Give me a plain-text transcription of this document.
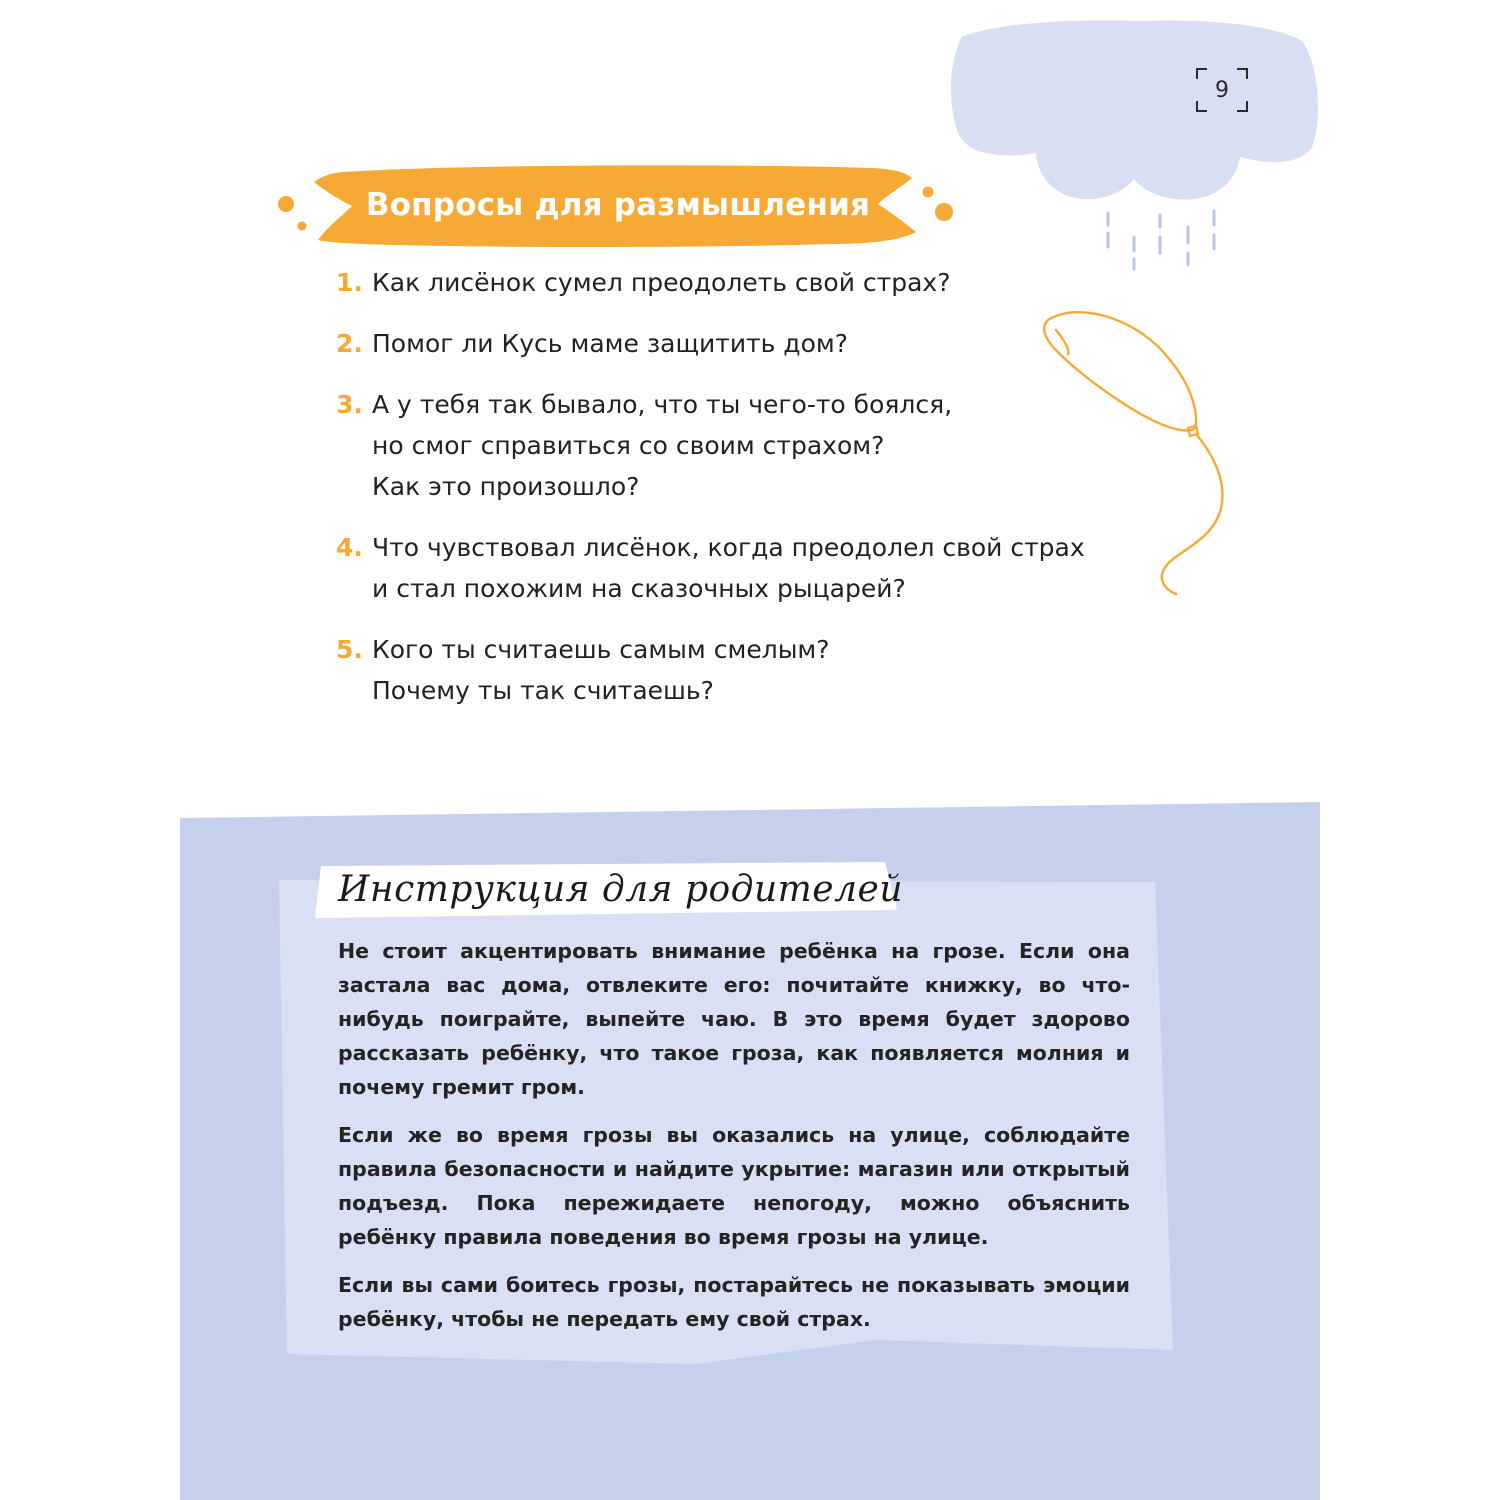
9
Вопросы для размышления
1. Как лисёнок сумел преодолеть свой страх?
2. Помог ли Кусь маме защитить дом?
3. А у тебя так бывало, что ты чего-то боялся,
но смог справиться со своим страхом?
Как это произошло?
4. Что чувствовал лисёнок, когда преодолел свой страх
и стал похожим на сказочных рыцарей?
5. Кого ты считаешь самым смелым?
Почему ты так считаешь?
Инструкция для родителей

Не стоит акцентировать внимание ребёнка на грозе. Если она застала вас дома, отвлеките его: почитайте книжку, во что-нибудь поиграйте, выпейте чаю. В это время будет здорово рассказать ребёнку, что такое гроза, как появляется молния и почему гремит гром.

Если же во время грозы вы оказались на улице, соблюдайте правила безопасности и найдите укрытие: магазин или открытый подъезд. Пока пережидаете непогоду, можно объяснить ребёнку правила поведения во время грозы на улице.

Если вы сами боитесь грозы, постарайтесь не показывать эмоции ребёнку, чтобы не передать ему свой страх.
